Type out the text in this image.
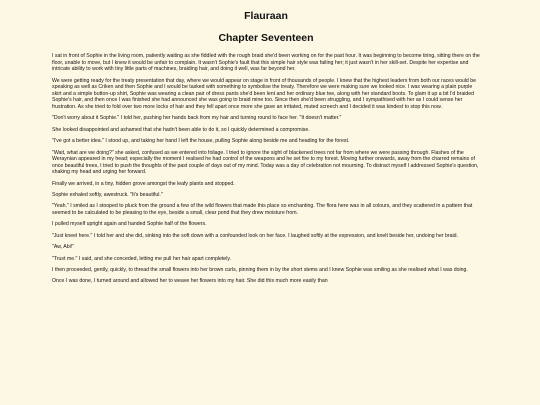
Flauraan
Chapter Seventeen

I sat in front of Sophie in the living room, patiently waiting as she fiddled with the rough braid she'd been working on for the past hour. It was beginning to become tiring, sitting there on the floor, unable to move, but I knew it would be unfair to complain. It wasn't Sophie's fault that this simple hair style was failing her; it just wasn't in her skill-set. Despite her expertise and intricate ability to work with tiny little parts of machines, braiding hair, and doing it well, was far beyond her.

We were getting ready for the treaty presentation that day, where we would appear on stage in front of thousands of people. I knew that the highest leaders from both our races would be speaking as well as Criken and then Sophie and I would be tasked with something to symbolise the treaty. Therefore we were making sure we looked nice. I was wearing a plain purple skirt and a simple button-up shirt, Sophie was wearing a clean pair of dress pants she'd been lent and her ordinary blue tee, along with her standard boots. To glam it up a bit I'd braided Sophie's hair, and then once I was finished she had announced she was going to braid mine too. Since then she'd been struggling, and I sympathised with her as I could sense her frustration. As she tried to fold over two more locks of hair and they fell apart once more she gave an irritated, muted screech and I decided it was kindest to stop this now.

"Don't worry about it Sophie." I told her, pushing her hands back from my hair and turning round to face her. "It doesn't matter."

She looked disappointed and ashamed that she hadn't been able to do it, so I quickly determined a compromise.

"I've got a better idea." I stood up, and taking her hand I left the house, pulling Sophie along beside me and heading for the forest.

"Wait, what are we doing?" she asked, confused as we entered into foliage. I tried to ignore the sight of blackened trees not far from where we were passing through. Flashes of the Weraynian appeared in my head; especially the moment I realised he had control of the weapons and he set fire to my forest. Moving further onwards, away from the charred remains of once beautiful trees, I tried to push the thoughts of the past couple of days out of my mind. Today was a day of celebration not mourning. To distract myself I addressed Sophie's question, shaking my head and urging her forward.

Finally we arrived, in a tiny, hidden grove amongst the leafy plants and stopped.

Sophie exhaled softly, awestruck. "It's beautiful."

"Yeah." I smiled as I stooped to pluck from the ground a few of the wild flowers that made this place so enchanting. The flora here was in all colours, and they scattered in a pattern that seemed to be calculated to be pleasing to the eye, beside a small, clear pond that they drew moisture from.

I pulled myself upright again and handed Sophie half of the flowers.

"Just kneel here." I told her and she did, sinking into the soft down with a confounded look on her face. I laughed softly at the expression, and knelt beside her, undoing her braid.

"Aw, Abi!"

"Trust me." I said, and she conceded, letting me pull her hair apart completely.

I then proceeded, gently, quickly, to thread the small flowers into her brown curls, pinning them in by the short stems and I knew Sophie was smiling as she realised what I was doing.

Once I was done, I turned around and allowed her to weave her flowers into my hair. She did this much more easily than
